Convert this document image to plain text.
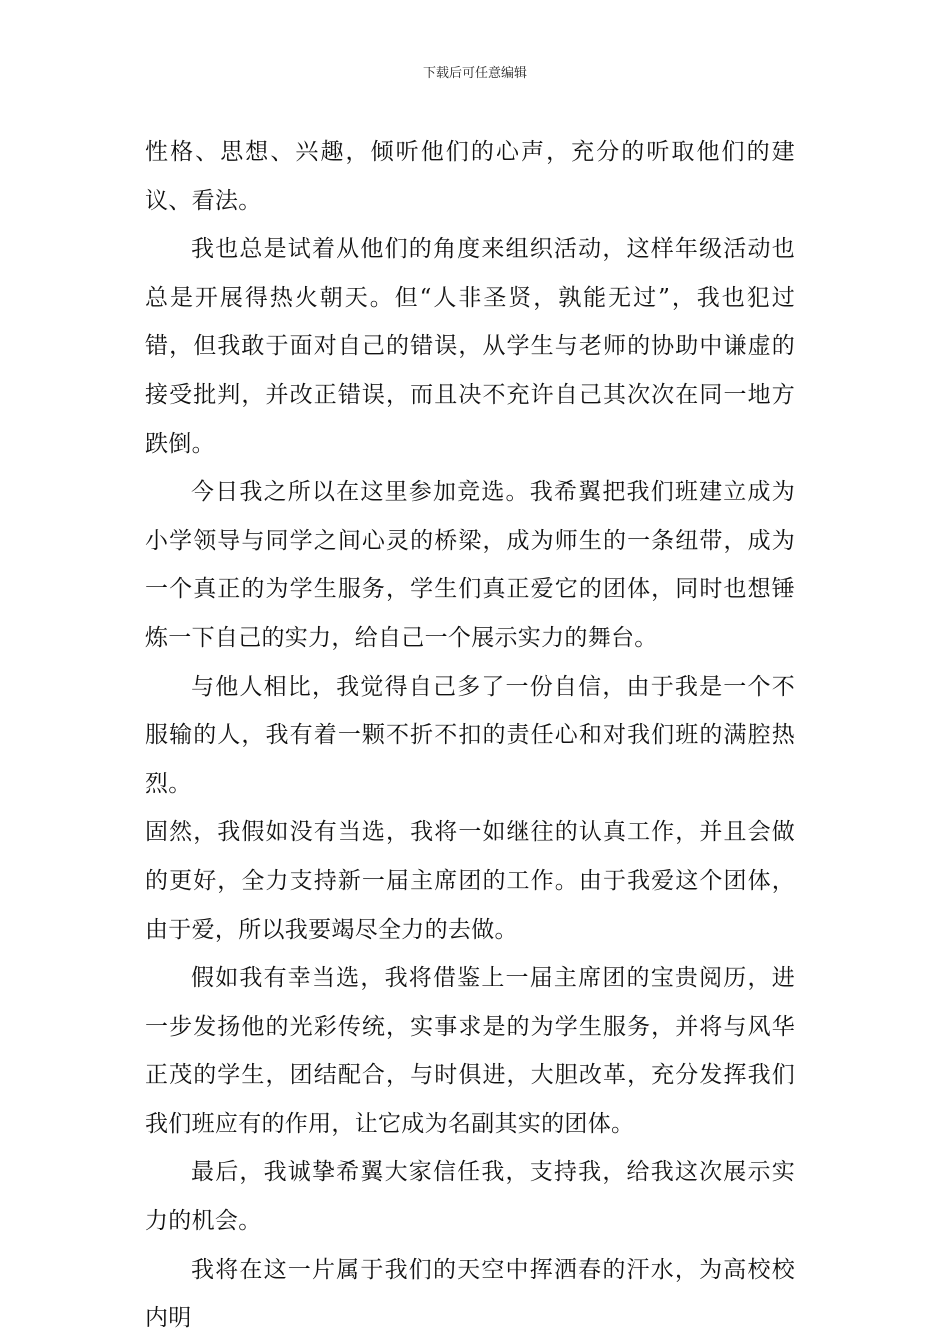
下载后可任意编辑

性格、思想、兴趣，倾听他们的心声，充分的听取他们的建议、看法。

我也总是试着从他们的角度来组织活动，这样年级活动也总是开展得热火朝天。但“人非圣贤，孰能无过”，我也犯过错，但我敢于面对自己的错误，从学生与老师的协助中谦虚的接受批判，并改正错误，而且决不充许自己其次次在同一地方跌倒。

今日我之所以在这里参加竞选。我希翼把我们班建立成为小学领导与同学之间心灵的桥梁，成为师生的一条纽带，成为一个真正的为学生服务，学生们真正爱它的团体，同时也想锤炼一下自己的实力，给自己一个展示实力的舞台。

与他人相比，我觉得自己多了一份自信，由于我是一个不服输的人，我有着一颗不折不扣的责任心和对我们班的满腔热烈。

固然，我假如没有当选，我将一如继往的认真工作，并且会做的更好，全力支持新一届主席团的工作。由于我爱这个团体，由于爱，所以我要竭尽全力的去做。

假如我有幸当选，我将借鉴上一届主席团的宝贵阅历，进一步发扬他的光彩传统，实事求是的为学生服务，并将与风华正茂的学生，团结配合，与时俱进，大胆改革，充分发挥我们我们班应有的作用，让它成为名副其实的团体。

最后，我诚挚希翼大家信任我，支持我，给我这次展示实力的机会。

我将在这一片属于我们的天空中挥洒春的汗水，为高校校内明
